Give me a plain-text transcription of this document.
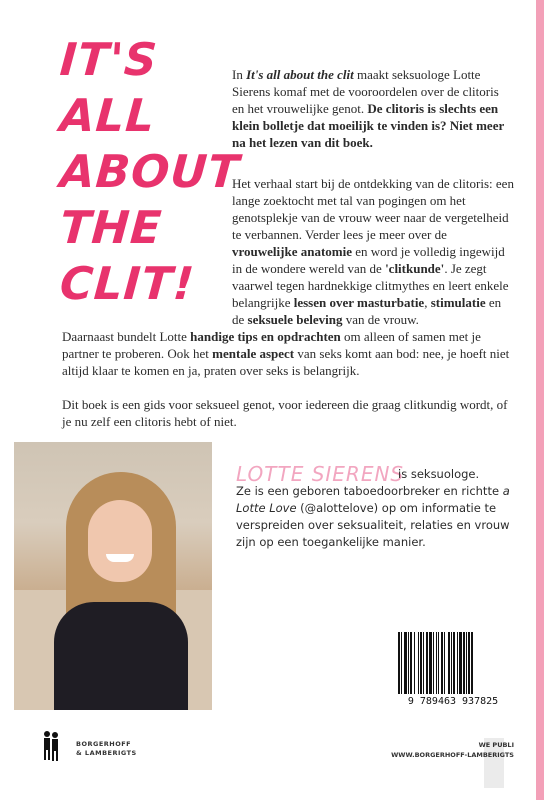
IT'S
ALL
ABOUT
THE
CLIT!

In It's all about the clit maakt seksuologe Lotte Sierens komaf met de vooroordelen over de clitoris en het vrouwelijke genot. De clitoris is slechts een klein bolletje dat moeilijk te vinden is? Niet meer na het lezen van dit boek.

Het verhaal start bij de ontdekking van de clitoris: een lange zoektocht met tal van pogingen om het genotsplekje van de vrouw weer naar de vergetelheid te verbannen. Verder lees je meer over de vrouwelijke anatomie en word je volledig ingewijd in de wondere wereld van de 'clitkunde'. Je zegt vaarwel tegen hardnekkige clitmythes en leert enkele belangrijke lessen over masturbatie, stimulatie en de seksuele beleving van de vrouw.

Daarnaast bundelt Lotte handige tips en opdrachten om alleen of samen met je partner te proberen. Ook het mentale aspect van seks komt aan bod: nee, je hoeft niet altijd klaar te komen en ja, praten over seks is belangrijk.

Dit boek is een gids voor seksueel genot, voor iedereen die graag clitkundig wordt, of je nu zelf een clitoris hebt of niet.

LOTTE SIERENS
is seksuologe.
Ze is een geboren taboedoorbreker en richtte a Lotte Love (@alottelove) op om informatie te verspreiden over seksualiteit, relaties en vrouw zijn op een toegankelijke manier.
9 789463 937825
BORGERHOFF
& LAMBERIGTS
WE PUBLI
WWW.BORGERHOFF-LAMBERIGTS
